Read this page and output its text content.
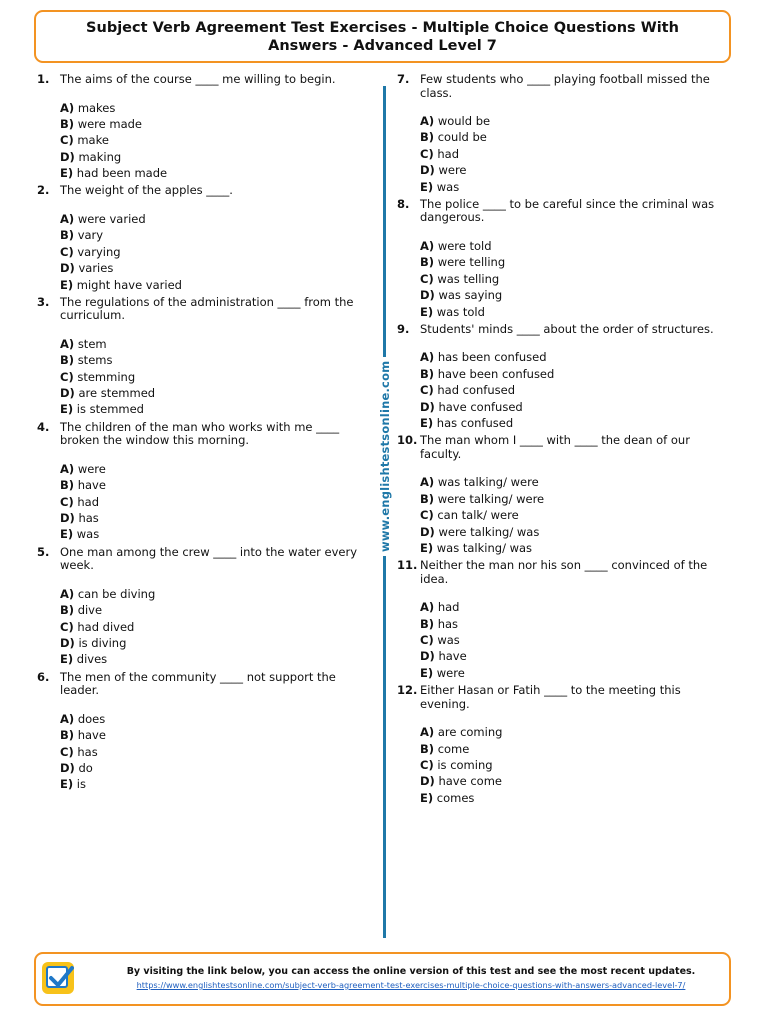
Subject Verb Agreement Test Exercises - Multiple Choice Questions With Answers - Advanced Level 7
1. The aims of the course ____ me willing to begin.
A) makes
B) were made
C) make
D) making
E) had been made
2. The weight of the apples ____.
A) were varied
B) vary
C) varying
D) varies
E) might have varied
3. The regulations of the administration ____ from the curriculum.
A) stem
B) stems
C) stemming
D) are stemmed
E) is stemmed
4. The children of the man who works with me ____ broken the window this morning.
A) were
B) have
C) had
D) has
E) was
5. One man among the crew ____ into the water every week.
A) can be diving
B) dive
C) had dived
D) is diving
E) dives
6. The men of the community ____ not support the leader.
A) does
B) have
C) has
D) do
E) is
www.englishtestsonline.com
7. Few students who ____ playing football missed the class.
A) would be
B) could be
C) had
D) were
E) was
8. The police ____ to be careful since the criminal was dangerous.
A) were told
B) were telling
C) was telling
D) was saying
E) was told
9. Students' minds ____ about the order of structures.
A) has been confused
B) have been confused
C) had confused
D) have confused
E) has confused
10. The man whom I ____ with ____ the dean of our faculty.
A) was talking/ were
B) were talking/ were
C) can talk/ were
D) were talking/ was
E) was talking/ was
11. Neither the man nor his son ____ convinced of the idea.
A) had
B) has
C) was
D) have
E) were
12. Either Hasan or Fatih ____ to the meeting this evening.
A) are coming
B) come
C) is coming
D) have come
E) comes
By visiting the link below, you can access the online version of this test and see the most recent updates.
https://www.englishtestsonline.com/subject-verb-agreement-test-exercises-multiple-choice-questions-with-answers-advanced-level-7/
